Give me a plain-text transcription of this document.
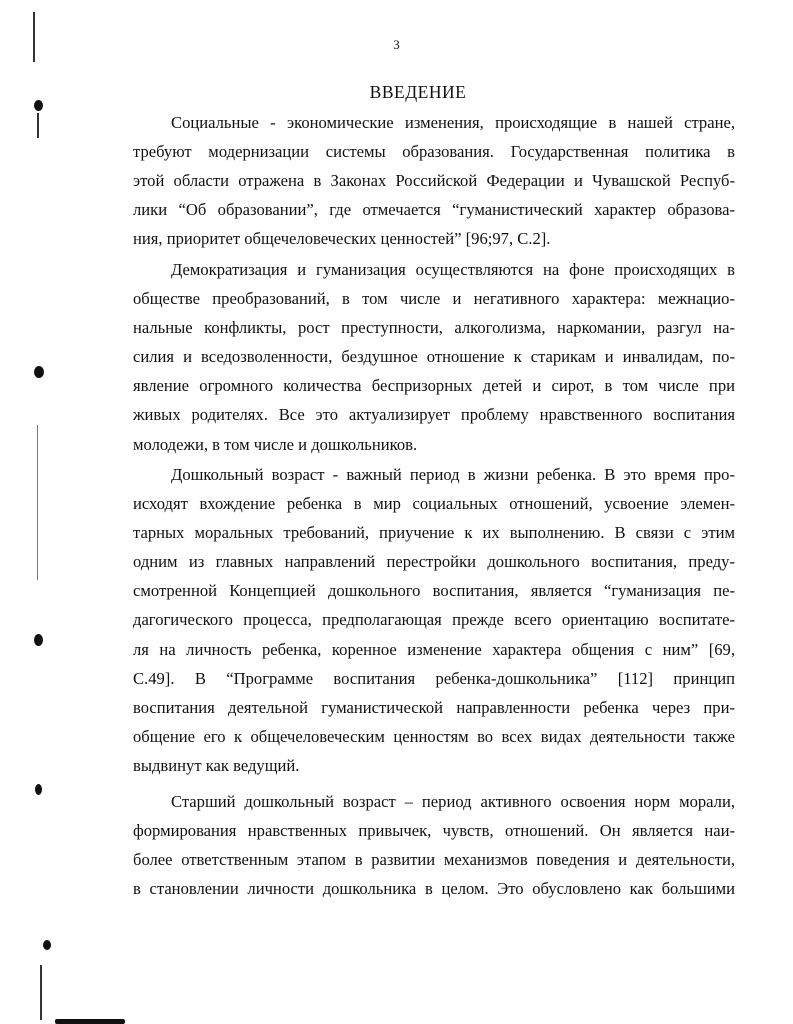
3
ВВЕДЕНИЕ
Социальные - экономические изменения, происходящие в нашей стране,
требуют модернизации системы образования. Государственная политика в
этой области отражена в Законах Российской Федерации и Чувашской Респуб-
лики “Об образовании”, где отмечается “гуманистический характер образова-
ния, приоритет общечеловеческих ценностей” [96;97, С.2].
Демократизация и гуманизация осуществляются на фоне происходящих в
обществе преобразований, в том числе и негативного характера: межнацио-
нальные конфликты, рост преступности, алкоголизма, наркомании, разгул на-
силия и вседозволенности, бездушное отношение к старикам и инвалидам, по-
явление огромного количества беспризорных детей и сирот, в том числе при
живых родителях. Все это актуализирует проблему нравственного воспитания
молодежи, в том числе и дошкольников.
Дошкольный возраст - важный период в жизни ребенка. В это время про-
исходят вхождение ребенка в мир социальных отношений, усвоение элемен-
тарных моральных требований, приучение к их выполнению. В связи с этим
одним из главных направлений перестройки дошкольного воспитания, преду-
смотренной Концепцией дошкольного воспитания, является “гуманизация пе-
дагогического процесса, предполагающая прежде всего ориентацию воспитате-
ля на личность ребенка, коренное изменение характера общения с ним” [69,
С.49]. В “Программе воспитания ребенка-дошкольника” [112] принцип
воспитания деятельной гуманистической направленности ребенка через при-
общение его к общечеловеческим ценностям во всех видах деятельности также
выдвинут как ведущий.
Старший дошкольный возраст – период активного освоения норм морали,
формирования нравственных привычек, чувств, отношений. Он является наи-
более ответственным этапом в развитии механизмов поведения и деятельности,
в становлении личности дошкольника в целом. Это обусловлено как большими
